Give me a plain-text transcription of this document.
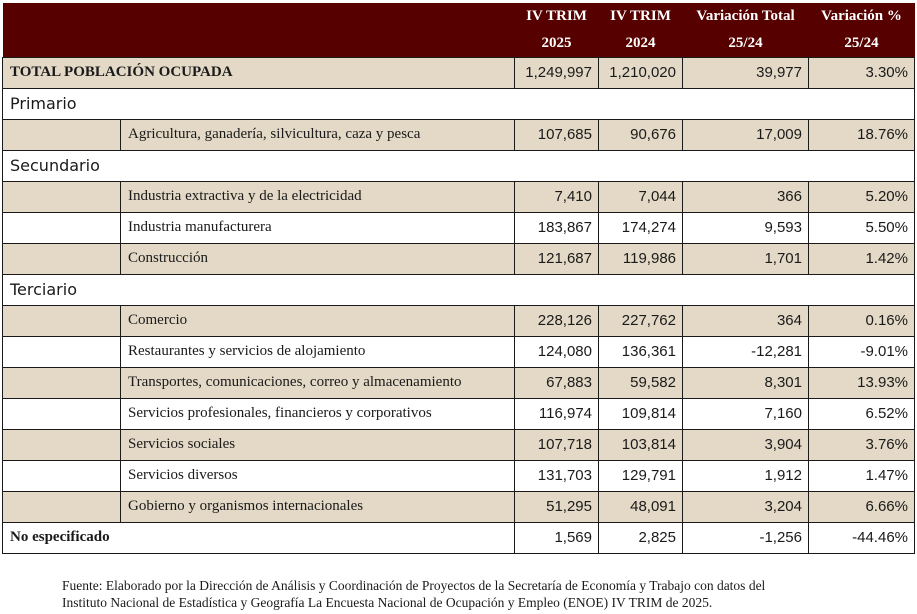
		IV TRIM	IV TRIM	Variación Total	Variación %
		2025	2024	25/24	25/24
TOTAL POBLACIÓN OCUPADA		1,249,997	1,210,020	39,977	3.30%
Primario					
	Agricultura, ganadería, silvicultura, caza y pesca	107,685	90,676	17,009	18.76%
Secundario					
	Industria extractiva y de la electricidad	7,410	7,044	366	5.20%
	Industria manufacturera	183,867	174,274	9,593	5.50%
	Construcción	121,687	119,986	1,701	1.42%
Terciario					
	Comercio	228,126	227,762	364	0.16%
	Restaurantes y servicios de alojamiento	124,080	136,361	-12,281	-9.01%
	Transportes, comunicaciones, correo y almacenamiento	67,883	59,582	8,301	13.93%
	Servicios profesionales, financieros y corporativos	116,974	109,814	7,160	6.52%
	Servicios sociales	107,718	103,814	3,904	3.76%
	Servicios diversos	131,703	129,791	1,912	1.47%
	Gobierno y organismos internacionales	51,295	48,091	3,204	6.66%
No especificado		1,569	2,825	-1,256	-44.46%
Fuente: Elaborado por la Dirección de Análisis y Coordinación de Proyectos de la Secretaría de Economía y Trabajo con datos del
Instituto Nacional de Estadística y Geografía La Encuesta Nacional de Ocupación y Empleo (ENOE) IV TRIM de 2025.
